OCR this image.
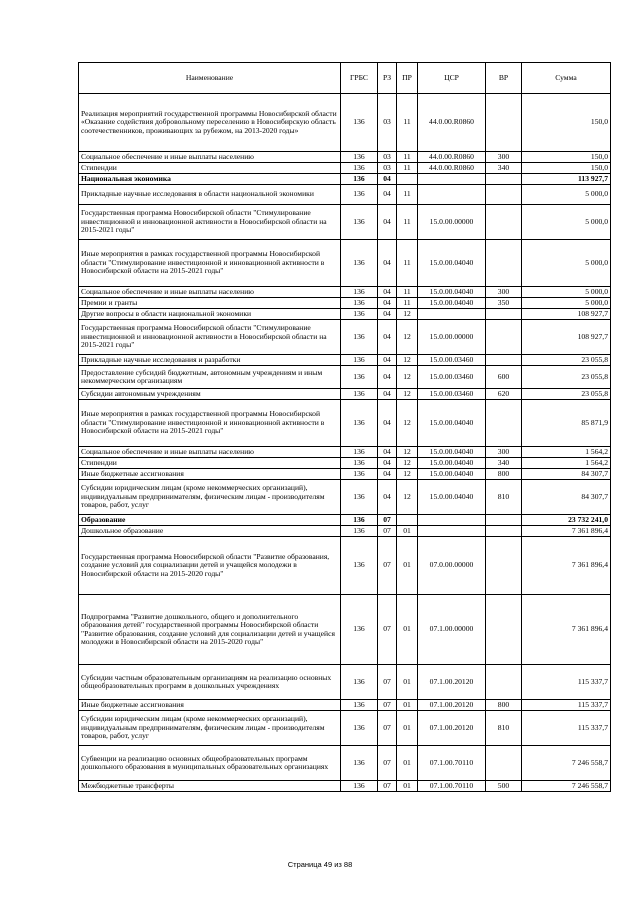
Наименование	ГРБС	РЗ	ПР	ЦСР	ВР	Сумма
Реализация мероприятий государственной программы Новосибирской области «Оказание содействия добровольному переселению в Новосибирскую область соотечественников, проживающих за рубежом, на 2013-2020 годы»	136	03	11	44.0.00.R0860		150,0
Социальное обеспечение и иные выплаты населению	136	03	11	44.0.00.R0860	300	150,0
Стипендии	136	03	11	44.0.00.R0860	340	150,0
Национальная экономика	136	04				113 927,7
Прикладные научные исследования в области национальной экономики	136	04	11			5 000,0
Государственная программа Новосибирской области "Стимулирование инвестиционной и инновационной активности в Новосибирской области на 2015-2021 годы"	136	04	11	15.0.00.00000		5 000,0
Иные мероприятия в рамках государственной программы Новосибирской области "Стимулирование инвестиционной и инновационной активности в Новосибирской области на 2015-2021 годы"	136	04	11	15.0.00.04040		5 000,0
Социальное обеспечение и иные выплаты населению	136	04	11	15.0.00.04040	300	5 000,0
Премии и гранты	136	04	11	15.0.00.04040	350	5 000,0
Другие вопросы в области национальной экономики	136	04	12			108 927,7
Государственная программа Новосибирской области "Стимулирование инвестиционной и инновационной активности в Новосибирской области на 2015-2021 годы"	136	04	12	15.0.00.00000		108 927,7
Прикладные научные исследования и разработки	136	04	12	15.0.00.03460		23 055,8
Предоставление субсидий бюджетным, автономным учреждениям и иным некоммерческим организациям	136	04	12	15.0.00.03460	600	23 055,8
Субсидии автономным учреждениям	136	04	12	15.0.00.03460	620	23 055,8
Иные мероприятия в рамках государственной программы Новосибирской области "Стимулирование инвестиционной и инновационной активности в Новосибирской области на 2015-2021 годы"	136	04	12	15.0.00.04040		85 871,9
Социальное обеспечение и иные выплаты населению	136	04	12	15.0.00.04040	300	1 564,2
Стипендии	136	04	12	15.0.00.04040	340	1 564,2
Иные бюджетные ассигнования	136	04	12	15.0.00.04040	800	84 307,7
Субсидии юридическим лицам (кроме некоммерческих организаций), индивидуальным предпринимателям, физическим лицам - производителям товаров, работ, услуг	136	04	12	15.0.00.04040	810	84 307,7
Образование	136	07				23 732 241,0
Дошкольное образование	136	07	01			7 361 896,4
Государственная программа Новосибирской области "Развитие образования, создание условий для социализации детей и учащейся молодежи в Новосибирской области на 2015-2020 годы"	136	07	01	07.0.00.00000		7 361 896,4
Подпрограмма "Развитие дошкольного, общего и дополнительного образования детей" государственной программы Новосибирской области "Развитие образования, создание условий для социализации детей и учащейся молодежи в Новосибирской области на 2015-2020 годы"	136	07	01	07.1.00.00000		7 361 896,4
Субсидии частным образовательным организациям на реализацию основных общеобразовательных программ в дошкольных учреждениях	136	07	01	07.1.00.20120		115 337,7
Иные бюджетные ассигнования	136	07	01	07.1.00.20120	800	115 337,7
Субсидии юридическим лицам (кроме некоммерческих организаций), индивидуальным предпринимателям, физическим лицам - производителям товаров, работ, услуг	136	07	01	07.1.00.20120	810	115 337,7
Субвенции на реализацию основных общеобразовательных программ дошкольного образования в муниципальных образовательных организациях	136	07	01	07.1.00.70110		7 246 558,7
Межбюджетные трансферты	136	07	01	07.1.00.70110	500	7 246 558,7
Страница 49 из 88
